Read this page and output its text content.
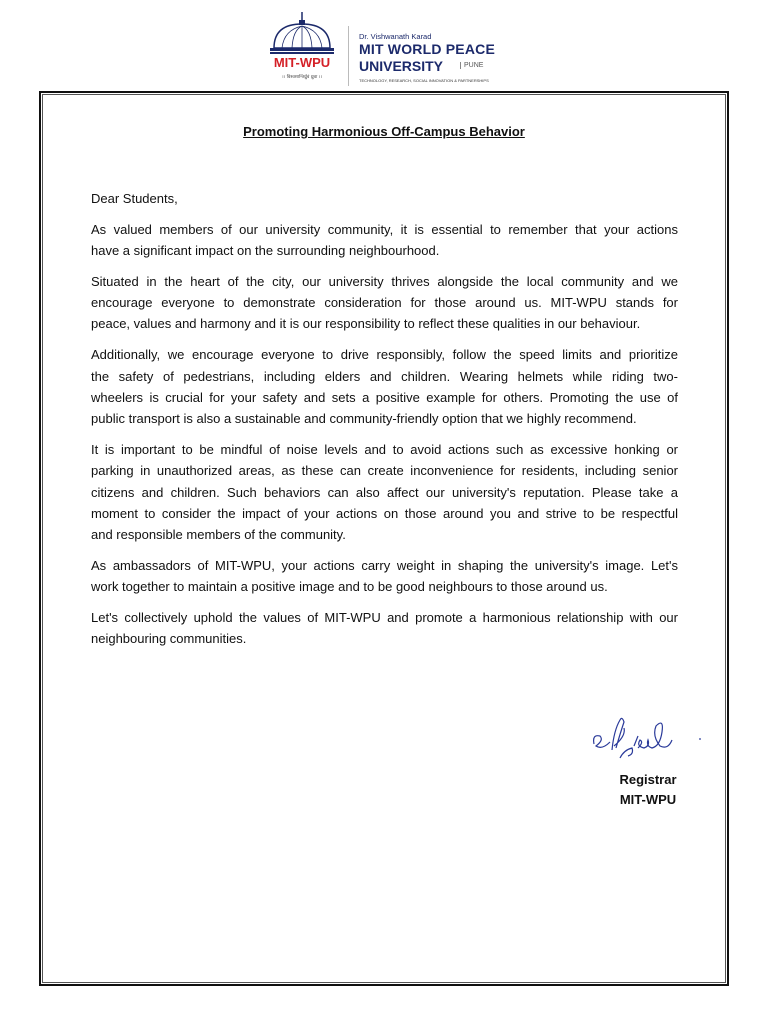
MIT-WPU
।। विश्वशान्तिर्ध्रुवं ध्रुवा ।।
Dr. Vishwanath Karad
MIT WORLD PEACE
UNIVERSITY	PUNE
TECHNOLOGY, RESEARCH, SOCIAL INNOVATION & PARTNERSHIPS
Promoting Harmonious Off-Campus Behavior
Dear Students,
As valued members of our university community, it is essential to remember that your actions
have a significant impact on the surrounding neighbourhood.
Situated in the heart of the city, our university thrives alongside the local community and we
encourage everyone to demonstrate consideration for those around us. MIT-WPU stands for
peace, values and harmony and it is our responsibility to reflect these qualities in our behaviour.
Additionally, we encourage everyone to drive responsibly, follow the speed limits and prioritize
the safety of pedestrians, including elders and children. Wearing helmets while riding two-
wheelers is crucial for your safety and sets a positive example for others. Promoting the use of
public transport is also a sustainable and community-friendly option that we highly recommend.
It is important to be mindful of noise levels and to avoid actions such as excessive honking or
parking in unauthorized areas, as these can create inconvenience for residents, including senior
citizens and children. Such behaviors can also affect our university's reputation. Please take a
moment to consider the impact of your actions on those around you and strive to be respectful
and responsible members of the community.
As ambassadors of MIT-WPU, your actions carry weight in shaping the university's image. Let's
work together to maintain a positive image and to be good neighbours to those around us.
Let's collectively uphold the values of MIT-WPU and promote a harmonious relationship with our
neighbouring communities.
Registrar
MIT-WPU
